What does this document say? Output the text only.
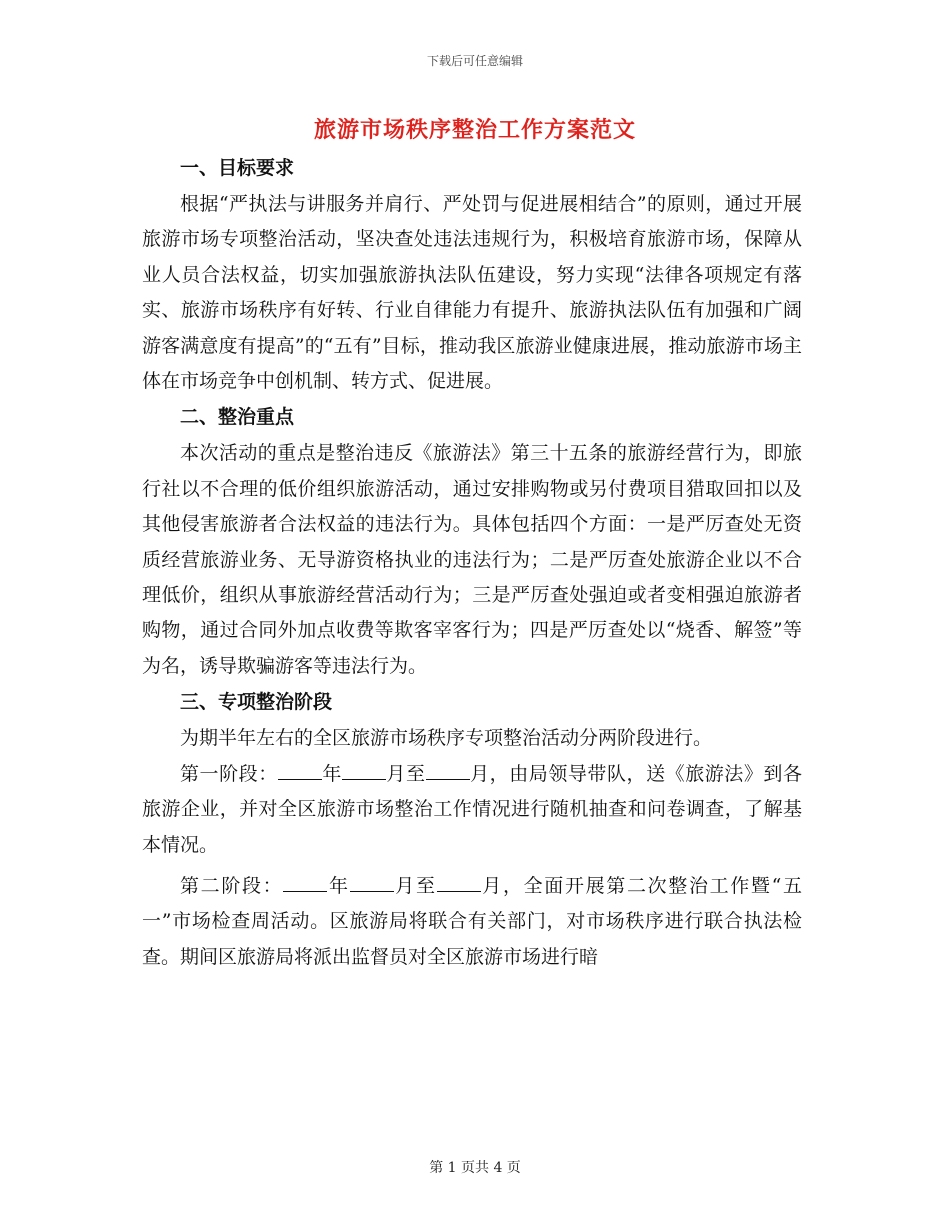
下载后可任意编辑
旅游市场秩序整治工作方案范文
一、目标要求

根据“严执法与讲服务并肩行、严处罚与促进展相结合”的原则，通过开展旅游市场专项整治活动，坚决查处违法违规行为，积极培育旅游市场，保障从业人员合法权益，切实加强旅游执法队伍建设，努力实现“法律各项规定有落实、旅游市场秩序有好转、行业自律能力有提升、旅游执法队伍有加强和广阔游客满意度有提高”的“五有”目标，推动我区旅游业健康进展，推动旅游市场主体在市场竞争中创机制、转方式、促进展。

二、整治重点

本次活动的重点是整治违反《旅游法》第三十五条的旅游经营行为，即旅行社以不合理的低价组织旅游活动，通过安排购物或另付费项目猎取回扣以及其他侵害旅游者合法权益的违法行为。具体包括四个方面：一是严厉查处无资质经营旅游业务、无导游资格执业的违法行为；二是严厉查处旅游企业以不合理低价，组织从事旅游经营活动行为；三是严厉查处强迫或者变相强迫旅游者购物，通过合同外加点收费等欺客宰客行为；四是严厉查处以“烧香、解签”等为名，诱导欺骗游客等违法行为。

三、专项整治阶段

为期半年左右的全区旅游市场秩序专项整治活动分两阶段进行。

第一阶段： 年 月至 月，由局领导带队，送《旅游法》到各旅游企业，并对全区旅游市场整治工作情况进行随机抽查和问卷调查，了解基本情况。

第二阶段： 年 月至 月，全面开展第二次整治工作暨“五一”市场检查周活动。区旅游局将联合有关部门，对市场秩序进行联合执法检查。期间区旅游局将派出监督员对全区旅游市场进行暗

第 1 页共 4 页
